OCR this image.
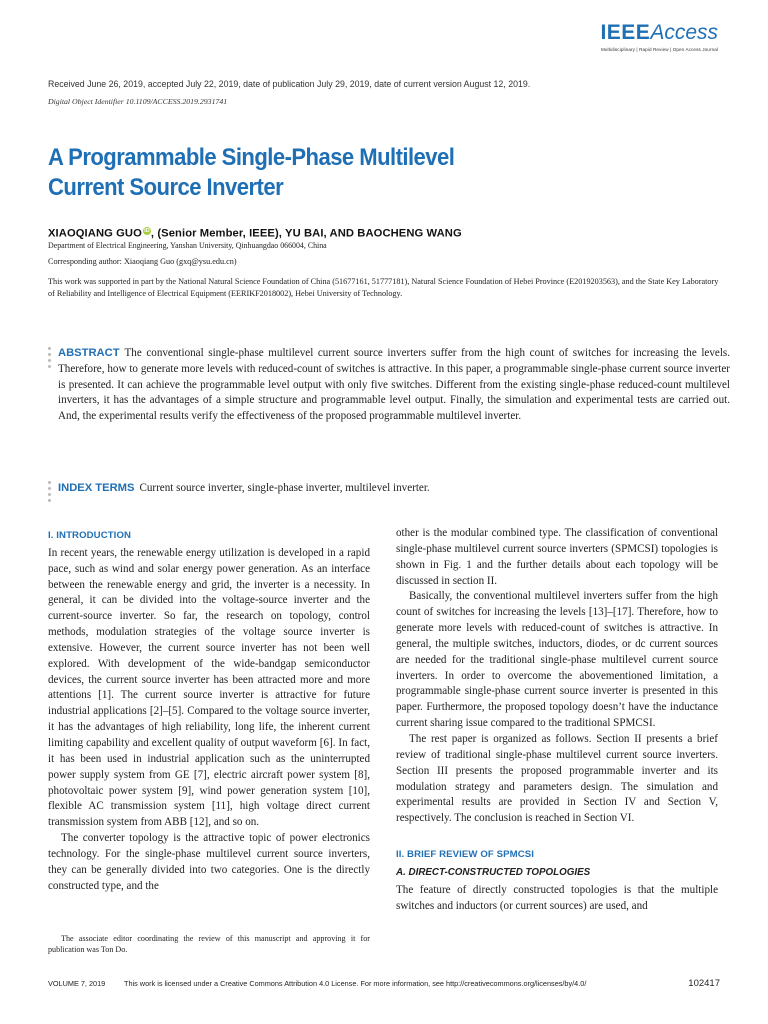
IEEEAccess
Multidisciplinary | Rapid Review | Open Access Journal
Received June 26, 2019, accepted July 22, 2019, date of publication July 29, 2019, date of current version August 12, 2019.
Digital Object Identifier 10.1109/ACCESS.2019.2931741
A Programmable Single-Phase Multilevel
Current Source Inverter
XIAOQIANG GUO iD, (Senior Member, IEEE), YU BAI, AND BAOCHENG WANG
Department of Electrical Engineering, Yanshan University, Qinhuangdao 066004, China
Corresponding author: Xiaoqiang Guo (gxq@ysu.edu.cn)

This work was supported in part by the National Natural Science Foundation of China (51677161, 51777181), Natural Science Foundation of Hebei Province (E2019203563), and the State Key Laboratory of Reliability and Intelligence of Electrical Equipment (EERIKF2018002), Hebei University of Technology.

ABSTRACT The conventional single-phase multilevel current source inverters suffer from the high count of switches for increasing the levels. Therefore, how to generate more levels with reduced-count of switches is attractive. In this paper, a programmable single-phase current source inverter is presented. It can achieve the programmable level output with only five switches. Different from the existing single-phase reduced-count multilevel inverters, it has the advantages of a simple structure and programmable level output. Finally, the simulation and experimental tests are carried out. And, the experimental results verify the effectiveness of the proposed programmable multilevel inverter.

INDEX TERMS Current source inverter, single-phase inverter, multilevel inverter.

I. INTRODUCTION

In recent years, the renewable energy utilization is developed in a rapid pace, such as wind and solar energy power generation. As an interface between the renewable energy and grid, the inverter is a necessity. In general, it can be divided into the voltage-source inverter and the current-source inverter. So far, the research on topology, control methods, modulation strategies of the voltage source inverter is extensive. However, the current source inverter has not been well explored. With development of the wide-bandgap semiconductor devices, the current source inverter has been attracted more and more attentions [1]. The current source inverter is attractive for future industrial applications [2]–[5]. Compared to the voltage source inverter, it has the advantages of high reliability, long life, the inherent current limiting capability and excellent quality of output waveform [6]. In fact, it has been used in industrial application such as the uninterrupted power supply system from GE [7], electric aircraft power system [8], photovoltaic power system [9], wind power generation system [10], flexible AC transmission system [11], high voltage direct current transmission system from ABB [12], and so on.

The converter topology is the attractive topic of power electronics technology. For the single-phase multilevel current source inverters, they can be generally divided into two categories. One is the directly constructed type, and the

other is the modular combined type. The classification of conventional single-phase multilevel current source inverters (SPMCSI) topologies is shown in Fig. 1 and the further details about each topology will be discussed in section II.

Basically, the conventional multilevel inverters suffer from the high count of switches for increasing the levels [13]–[17]. Therefore, how to generate more levels with reduced-count of switches is attractive. In general, the multiple switches, inductors, diodes, or dc current sources are needed for the traditional single-phase multilevel current source inverters. In order to overcome the abovementioned limitation, a programmable single-phase current source inverter is presented in this paper. Furthermore, the proposed topology doesn’t have the inductance current sharing issue compared to the traditional SPMCSI.

The rest paper is organized as follows. Section II presents a brief review of traditional single-phase multilevel current source inverters. Section III presents the proposed programmable inverter and its modulation strategy and parameters design. The simulation and experimental results are provided in Section IV and Section V, respectively. The conclusion is reached in Section VI.

II. BRIEF REVIEW OF SPMCSI
A. DIRECT-CONSTRUCTED TOPOLOGIES

The feature of directly constructed topologies is that the multiple switches and inductors (or current sources) are used, and

The associate editor coordinating the review of this manuscript and approving it for publication was Ton Do.

VOLUME 7, 2019	This work is licensed under a Creative Commons Attribution 4.0 License. For more information, see http://creativecommons.org/licenses/by/4.0/	102417
